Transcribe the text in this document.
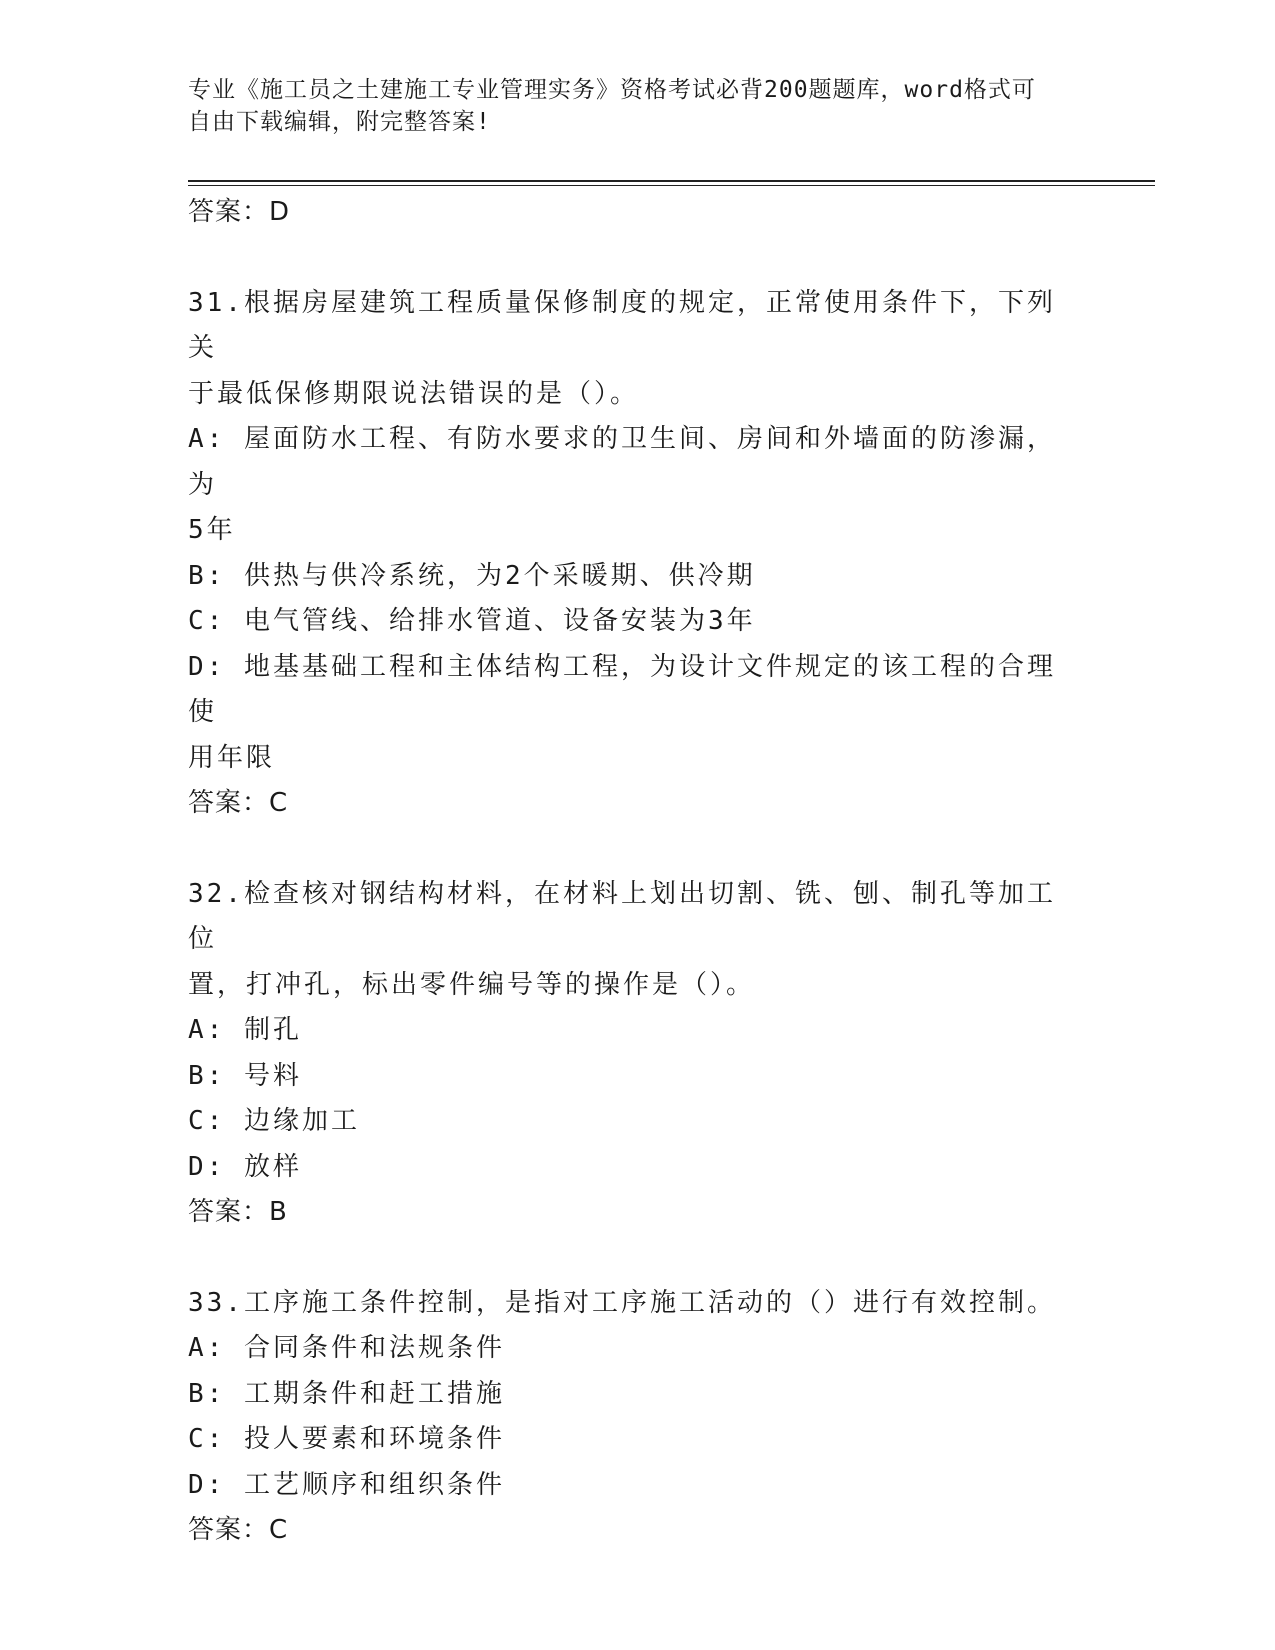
专业《施工员之土建施工专业管理实务》资格考试必背200题题库，word格式可
自由下载编辑，附完整答案!
答案：D
31.根据房屋建筑工程质量保修制度的规定，正常使用条件下，下列关
于最低保修期限说法错误的是（）。
A: 屋面防水工程、有防水要求的卫生间、房间和外墙面的防渗漏，为
5年
B: 供热与供冷系统，为2个采暖期、供冷期
C: 电气管线、给排水管道、设备安装为3年
D: 地基基础工程和主体结构工程，为设计文件规定的该工程的合理使
用年限
答案：C
32.检查核对钢结构材料，在材料上划出切割、铣、刨、制孔等加工位
置，打冲孔，标出零件编号等的操作是（）。
A: 制孔
B: 号料
C: 边缘加工
D: 放样
答案：B
33.工序施工条件控制，是指对工序施工活动的（）进行有效控制。
A: 合同条件和法规条件
B: 工期条件和赶工措施
C: 投人要素和环境条件
D: 工艺顺序和组织条件
答案：C
